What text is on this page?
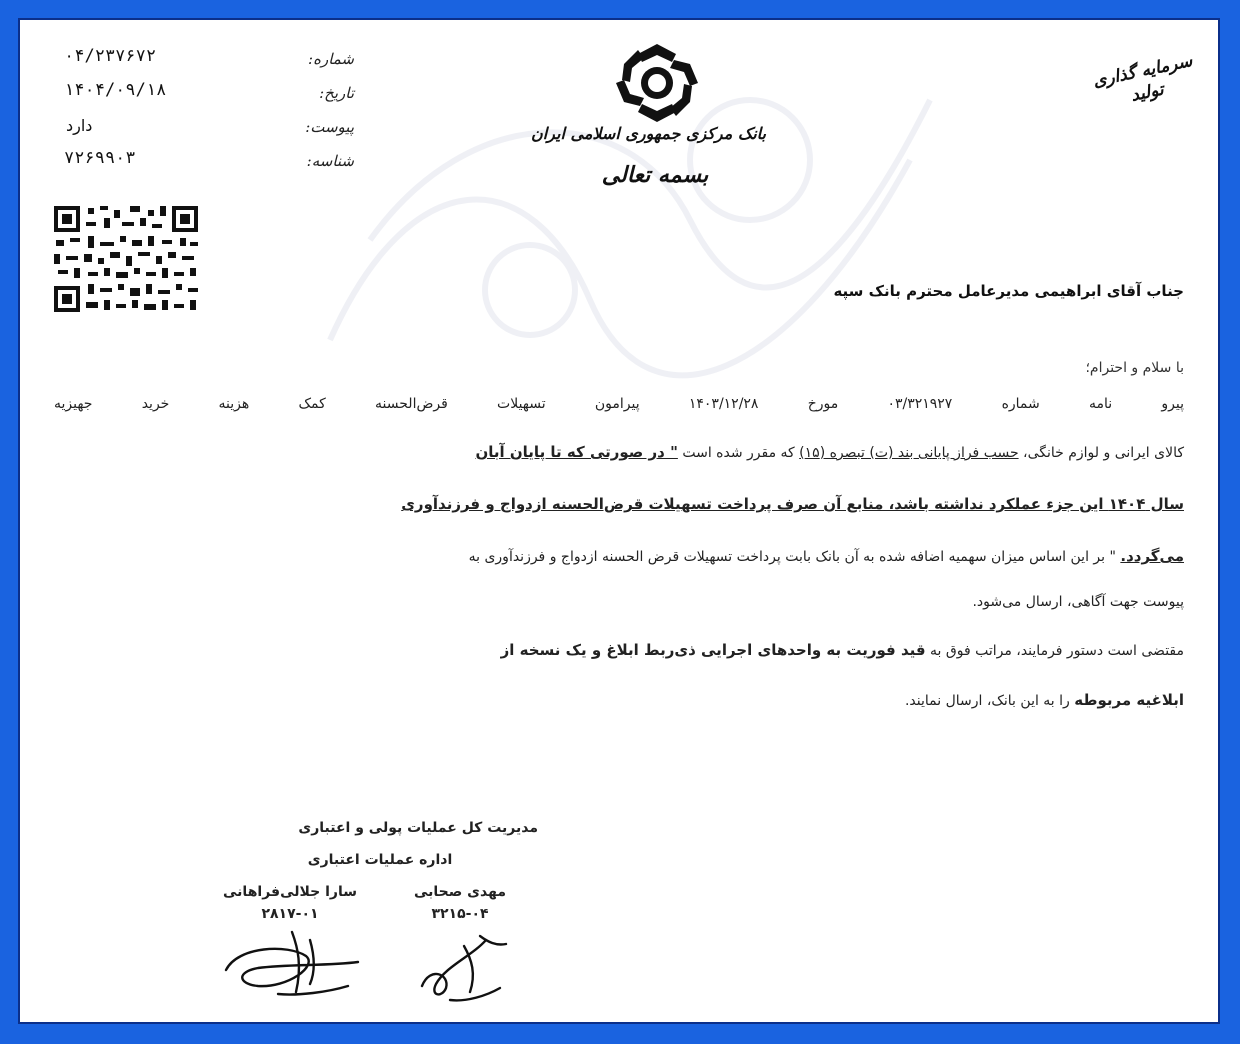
۰۴/۲۳۷۶۷۲	شماره:
۱۴۰۴/۰۹/۱۸	تاریخ:
دارد	پیوست:
۷۲۶۹۹۰۳	شناسه:
بانک مرکزی جمهوری اسلامی ایران
بسمه تعالی
سرمایه گذاری تولید
جناب آقای ابراهیمی مدیرعامل محترم بانک سپه
با سلام و احترام؛
پیرو نامه شماره ۰۳/۳۲۱۹۲۷ مورخ ۱۴۰۳/۱۲/۲۸ پیرامون تسهیلات قرض‌الحسنه کمک هزینه خرید جهیزیه
کالای ایرانی و لوازم خانگی، حسب فراز پایانی بند (ت) تبصره (۱۵) که مقرر شده است " در صورتی که تا پایان آبان
سال ۱۴۰۴ این جزء عملکرد نداشته باشد، منابع آن صرف پرداخت تسهیلات قرض‌الحسنه ازدواج و فرزندآوری
می‌گردد. " بر این اساس میزان سهمیه اضافه شده به آن بانک بابت پرداخت تسهیلات قرض الحسنه ازدواج و فرزندآوری به
پیوست جهت آگاهی، ارسال می‌شود.
مقتضی است دستور فرمایند، مراتب فوق به قید فوریت به واحدهای اجرایی ذی‌ربط ابلاغ و یک نسخه از
ابلاغیه مربوطه را به این بانک، ارسال نمایند.
مدیریت کل عملیات پولی و اعتباری
اداره عملیات اعتباری
مهدی صحابی
۳۲۱۵-۰۴
سارا جلالی‌فراهانی
۲۸۱۷-۰۱
